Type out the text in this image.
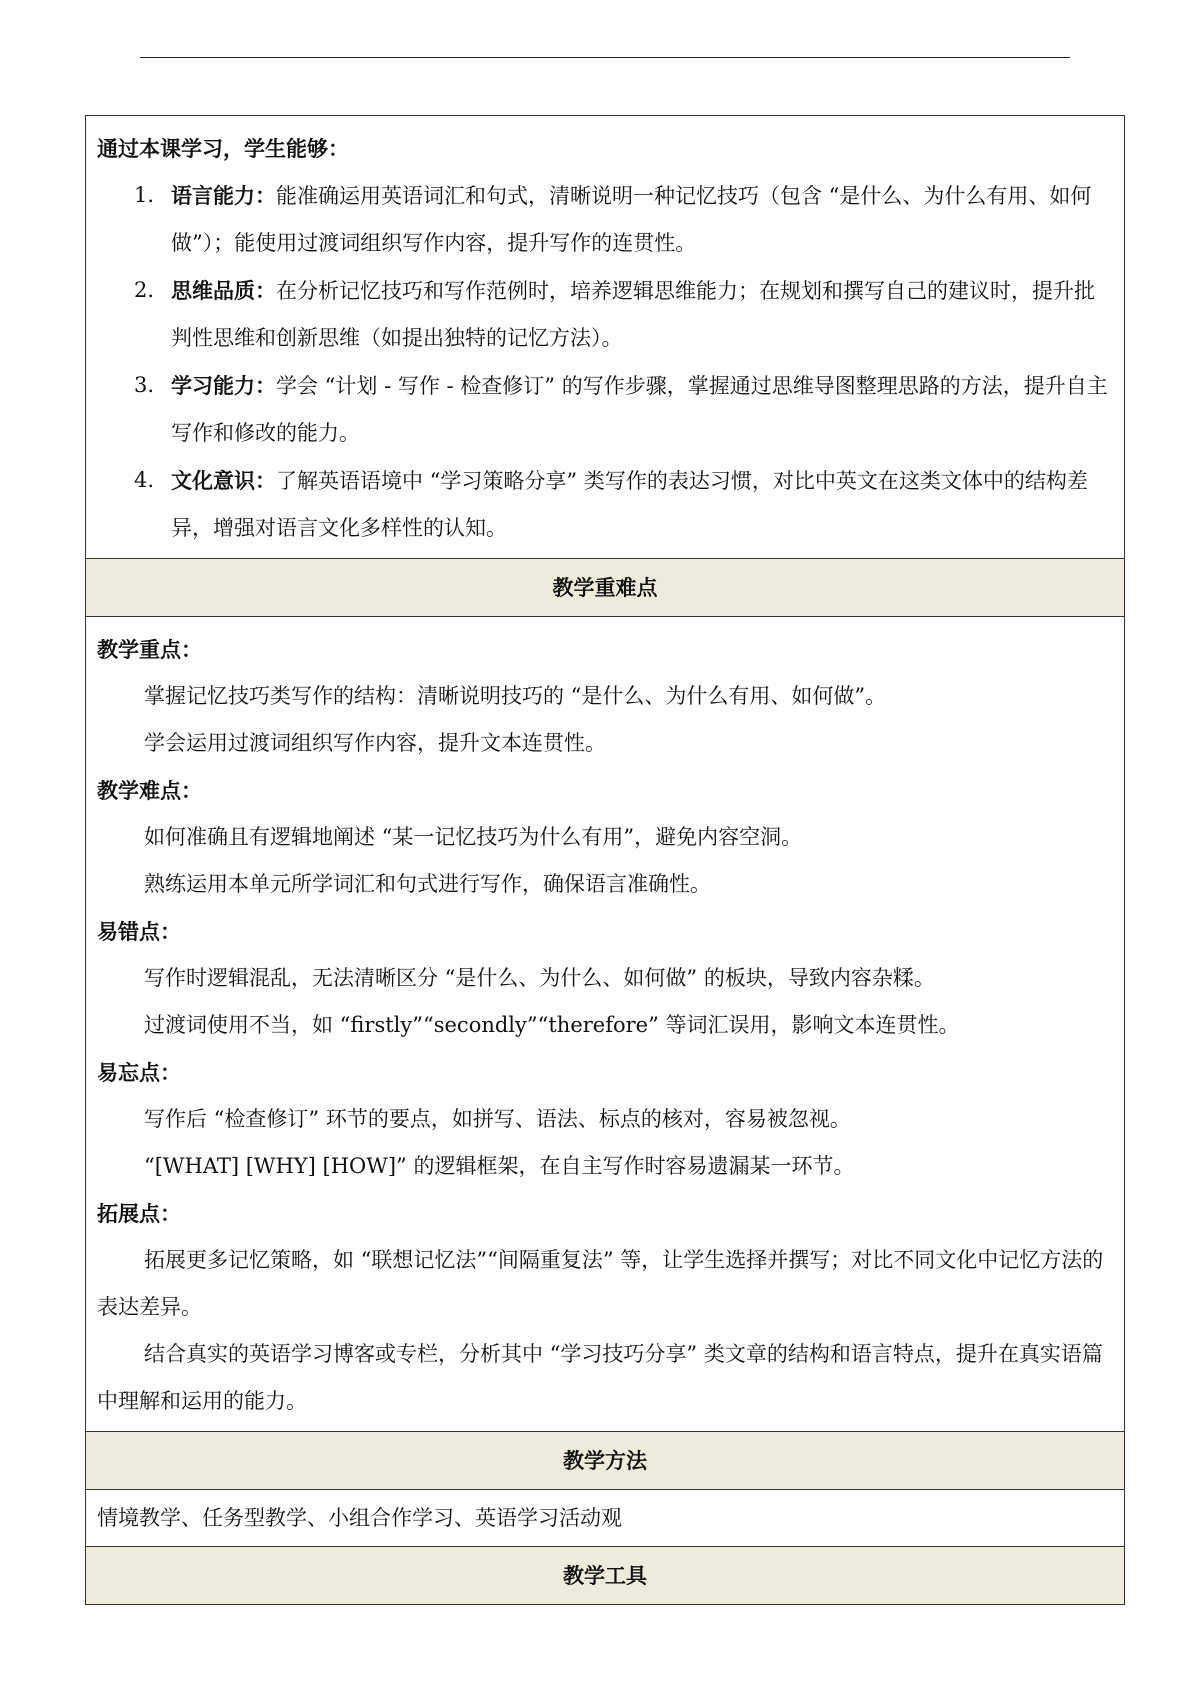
通过本课学习，学生能够：

1. 语言能力：能准确运用英语词汇和句式，清晰说明一种记忆技巧（包含 “是什么、为什么有用、如何做”）；能使用过渡词组织写作内容，提升写作的连贯性。
2. 思维品质：在分析记忆技巧和写作范例时，培养逻辑思维能力；在规划和撰写自己的建议时，提升批判性思维和创新思维（如提出独特的记忆方法）。
3. 学习能力：学会 “计划 - 写作 - 检查修订” 的写作步骤，掌握通过思维导图整理思路的方法，提升自主写作和修改的能力。
4. 文化意识：了解英语语境中 “学习策略分享” 类写作的表达习惯，对比中英文在这类文体中的结构差异，增强对语言文化多样性的认知。

教学重难点

教学重点：

掌握记忆技巧类写作的结构：清晰说明技巧的 “是什么、为什么有用、如何做”。

学会运用过渡词组织写作内容，提升文本连贯性。

教学难点：

如何准确且有逻辑地阐述 “某一记忆技巧为什么有用”，避免内容空洞。

熟练运用本单元所学词汇和句式进行写作，确保语言准确性。

易错点：

写作时逻辑混乱，无法清晰区分 “是什么、为什么、如何做” 的板块，导致内容杂糅。

过渡词使用不当，如 “firstly”“secondly”“therefore” 等词汇误用，影响文本连贯性。

易忘点：

写作后 “检查修订” 环节的要点，如拼写、语法、标点的核对，容易被忽视。

“[WHAT] [WHY] [HOW]” 的逻辑框架，在自主写作时容易遗漏某一环节。

拓展点：

拓展更多记忆策略，如 “联想记忆法”“间隔重复法” 等，让学生选择并撰写；对比不同文化中记忆方法的表达差异。

结合真实的英语学习博客或专栏，分析其中 “学习技巧分享” 类文章的结构和语言特点，提升在真实语篇中理解和运用的能力。

教学方法
情境教学、任务型教学、小组合作学习、英语学习活动观
教学工具
